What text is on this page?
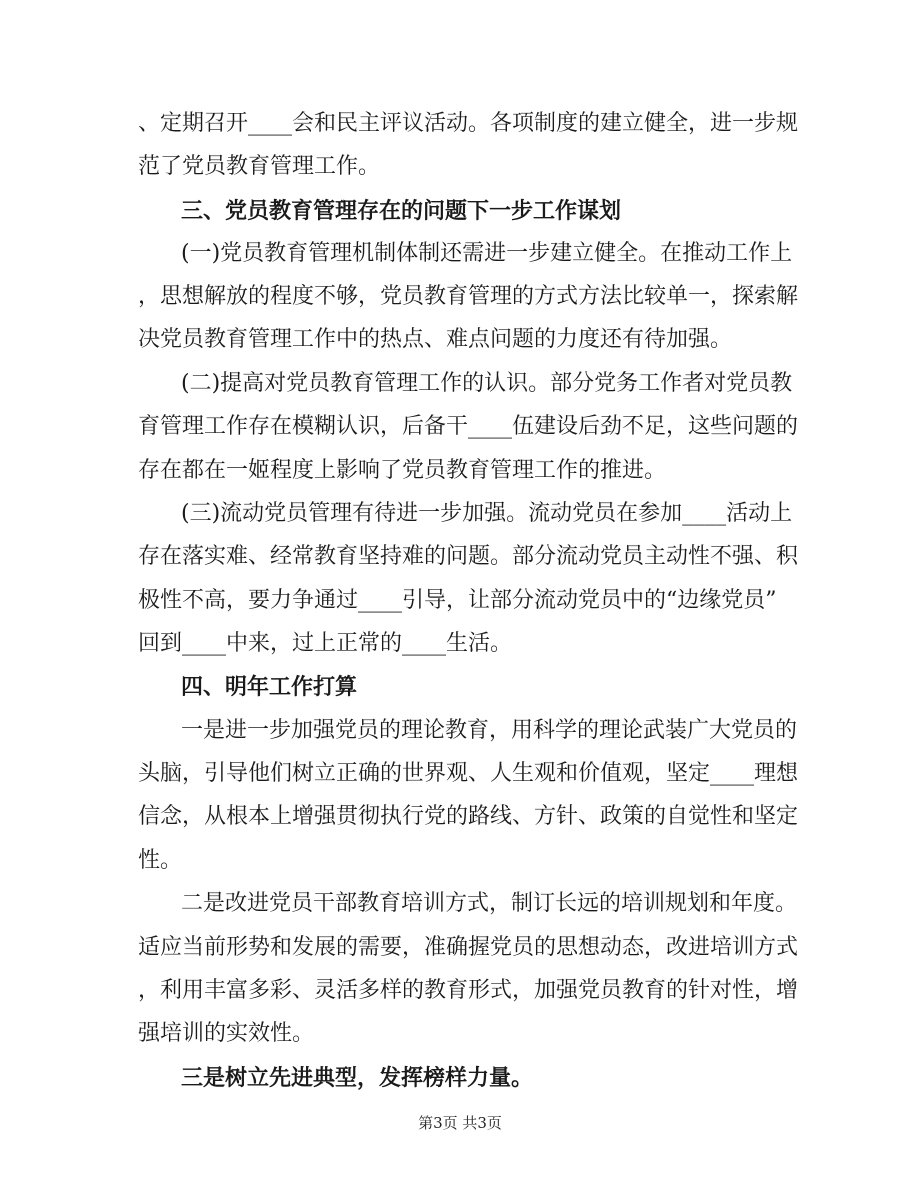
、定期召开____会和民主评议活动。各项制度的建立健全，进一步规
范了党员教育管理工作。
三、党员教育管理存在的问题下一步工作谋划
(一)党员教育管理机制体制还需进一步建立健全。在推动工作上
，思想解放的程度不够，党员教育管理的方式方法比较单一，探索解
决党员教育管理工作中的热点、难点问题的力度还有待加强。
(二)提高对党员教育管理工作的认识。部分党务工作者对党员教
育管理工作存在模糊认识，后备干____伍建设后劲不足，这些问题的
存在都在一姬程度上影响了党员教育管理工作的推进。
(三)流动党员管理有待进一步加强。流动党员在参加____活动上
存在落实难、经常教育坚持难的问题。部分流动党员主动性不强、积
极性不高，要力争通过____引导，让部分流动党员中的“边缘党员”
回到____中来，过上正常的____生活。
四、明年工作打算
一是进一步加强党员的理论教育，用科学的理论武装广大党员的
头脑，引导他们树立正确的世界观、人生观和价值观，坚定____理想
信念，从根本上增强贯彻执行党的路线、方针、政策的自觉性和坚定
性。
二是改进党员干部教育培训方式，制订长远的培训规划和年度。
适应当前形势和发展的需要，准确握党员的思想动态，改进培训方式
，利用丰富多彩、灵活多样的教育形式，加强党员教育的针对性，增
强培训的实效性。
三是树立先进典型，发挥榜样力量。
第3页 共3页
